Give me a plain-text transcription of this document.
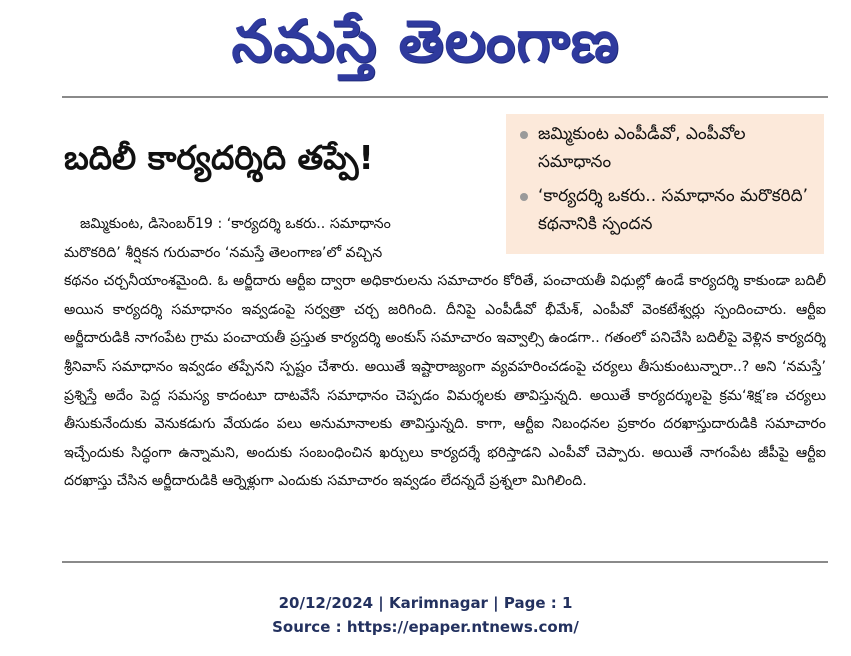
నమస్తే తెలంగాణ
బదిలీ కార్యదర్శిది తప్పే!
జమ్మికుంట ఎంపీడీవో, ఎంపీవోల సమాధానం
‘కార్యదర్శి ఒకరు.. సమాధానం మరొకరిది’ కథనానికి స్పందన
జమ్మికుంట, డిసెంబర్19 : ‘కార్యదర్శి ఒకరు.. సమాధానం
మరొకరిది’ శీర్షికన గురువారం ‘నమస్తే తెలంగాణ’లో వచ్చిన
కథనం చర్చనీయాంశమైంది. ఓ అర్జీదారు ఆర్టీఐ ద్వారా అధికారులను సమాచారం కోరితే, పంచాయతీ విధుల్లో ఉండే కార్యదర్శి కాకుండా బదిలీ అయిన కార్యదర్శి సమాధానం ఇవ్వడంపై సర్వత్రా చర్చ జరిగింది. దీనిపై ఎంపీడీవో భీమేశ్, ఎంపీవో వెంకటేశ్వర్లు స్పందించారు. ఆర్టీఐ అర్జీదారుడికి నాగంపేట గ్రామ పంచాయతీ ప్రస్తుత కార్యదర్శి అంకుస్ సమాచారం ఇవ్వాల్సి ఉండగా.. గతంలో పనిచేసి బదిలీపై వెళ్లిన కార్యదర్శి శ్రీనివాస్ సమాధానం ఇవ్వడం తప్పేనని స్పష్టం చేశారు. అయితే ఇష్టారాజ్యంగా వ్యవహరించడంపై చర్యలు తీసుకుంటున్నారా..? అని ‘నమస్తే’ ప్రశ్నిస్తే అదేం పెద్ద సమస్య కాదంటూ దాటవేసే సమాధానం చెప్పడం విమర్శలకు తావిస్తున్నది. అయితే కార్యదర్శులపై క్రమ‘శిక్ష’ణ చర్యలు తీసుకునేందుకు వెనుకడుగు వేయడం పలు అనుమానాలకు తావిస్తున్నది. కాగా, ఆర్టీఐ నిబంధనల ప్రకారం దరఖాస్తుదారుడికి సమాచారం ఇచ్చేందుకు సిద్ధంగా ఉన్నామని, అందుకు సంబంధించిన ఖర్చులు కార్యదర్శే భరిస్తాడని ఎంపీవో చెప్పారు. అయితే నాగంపేట జీపీపై ఆర్టీఐ దరఖాస్తు చేసిన అర్జీదారుడికి ఆర్నెళ్లుగా ఎందుకు సమాచారం ఇవ్వడం లేదన్నదే ప్రశ్నలా మిగిలింది.
20/12/2024 | Karimnagar | Page : 1
Source : https://epaper.ntnews.com/
